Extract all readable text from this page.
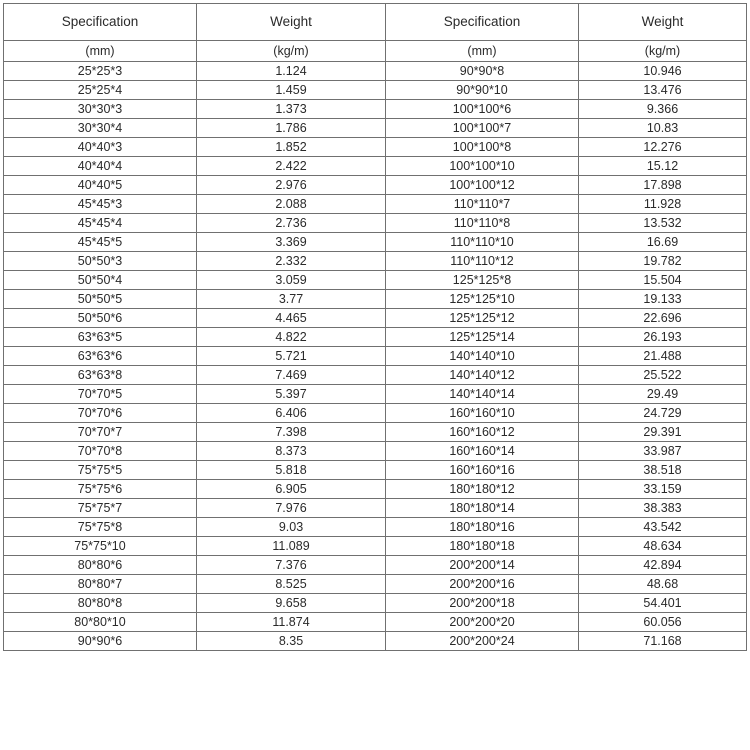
Specification	Weight	Specification	Weight
(mm)	(kg/m)	(mm)	(kg/m)
25*25*3	1.124	90*90*8	10.946
25*25*4	1.459	90*90*10	13.476
30*30*3	1.373	100*100*6	9.366
30*30*4	1.786	100*100*7	10.83
40*40*3	1.852	100*100*8	12.276
40*40*4	2.422	100*100*10	15.12
40*40*5	2.976	100*100*12	17.898
45*45*3	2.088	110*110*7	11.928
45*45*4	2.736	110*110*8	13.532
45*45*5	3.369	110*110*10	16.69
50*50*3	2.332	110*110*12	19.782
50*50*4	3.059	125*125*8	15.504
50*50*5	3.77	125*125*10	19.133
50*50*6	4.465	125*125*12	22.696
63*63*5	4.822	125*125*14	26.193
63*63*6	5.721	140*140*10	21.488
63*63*8	7.469	140*140*12	25.522
70*70*5	5.397	140*140*14	29.49
70*70*6	6.406	160*160*10	24.729
70*70*7	7.398	160*160*12	29.391
70*70*8	8.373	160*160*14	33.987
75*75*5	5.818	160*160*16	38.518
75*75*6	6.905	180*180*12	33.159
75*75*7	7.976	180*180*14	38.383
75*75*8	9.03	180*180*16	43.542
75*75*10	11.089	180*180*18	48.634
80*80*6	7.376	200*200*14	42.894
80*80*7	8.525	200*200*16	48.68
80*80*8	9.658	200*200*18	54.401
80*80*10	11.874	200*200*20	60.056
90*90*6	8.35	200*200*24	71.168
